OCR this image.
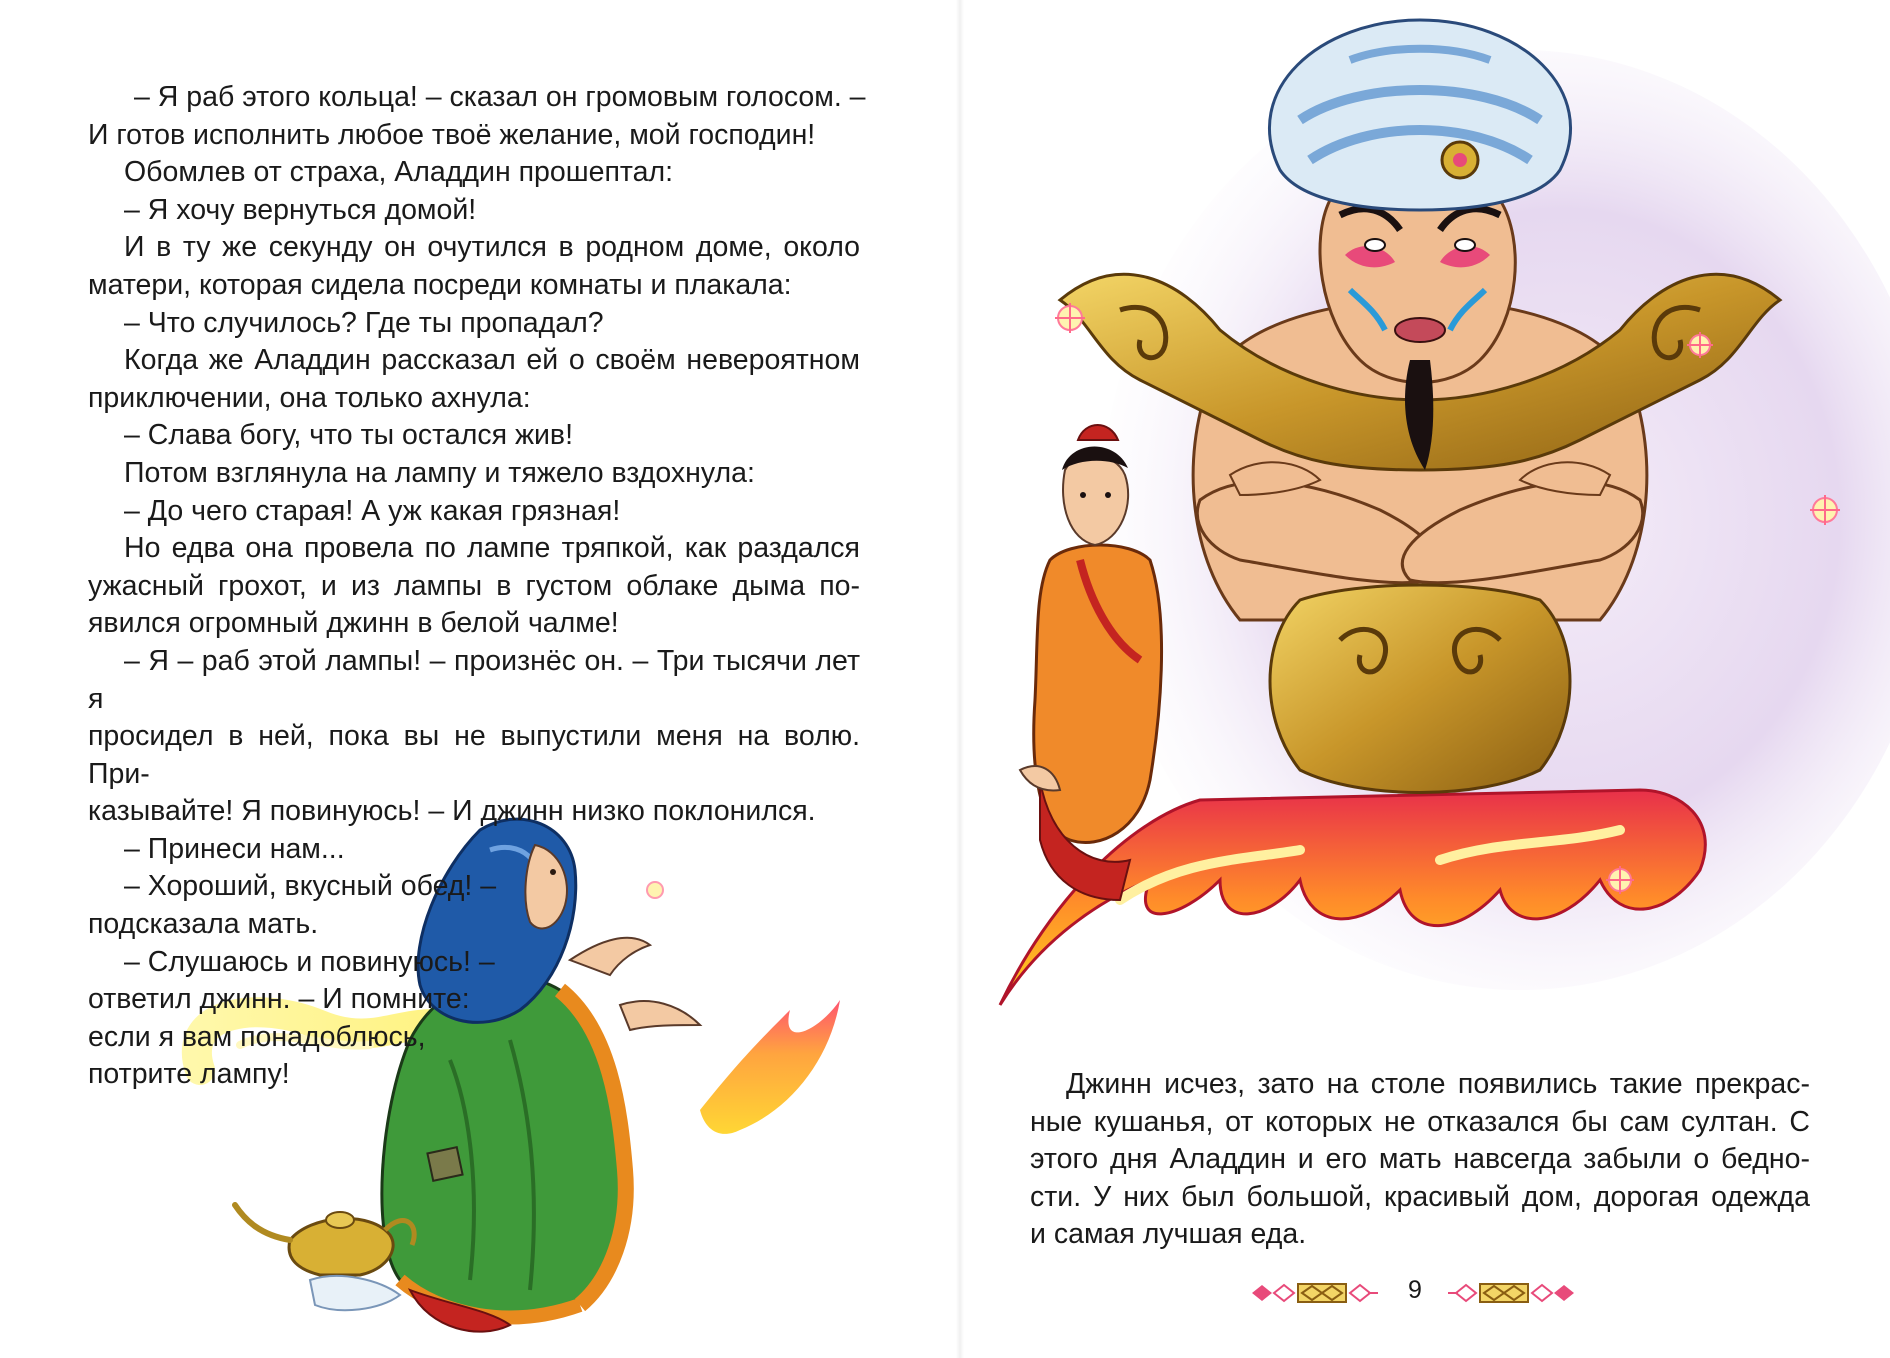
– Я раб этого кольца! – сказал он громовым голосом. –

И готов исполнить любое твоё желание, мой господин!

Обомлев от страха, Аладдин прошептал:

– Я хочу вернуться домой!

И в ту же секунду он очутился в родном доме, около

матери, которая сидела посреди комнаты и плакала:

– Что случилось? Где ты пропадал?

Когда же Аладдин рассказал ей о своём невероятном

приключении, она только ахнула:

– Слава богу, что ты остался жив!

Потом взглянула на лампу и тяжело вздохнула:

– До чего старая! А уж какая грязная!

Но едва она провела по лампе тряпкой, как раздался

ужасный грохот, и из лампы в густом облаке дыма по-

явился огромный джинн в белой чалме!

– Я – раб этой лампы! – произнёс он. – Три тысячи лет я

просидел в ней, пока вы не выпустили меня на волю. При-

казывайте! Я повинуюсь! – И джинн низко поклонился.

– Принеси нам...

– Хороший, вкусный обед! –

подсказала мать.

– Слушаюсь и повинуюсь! –

ответил джинн. – И помните:

если я вам понадоблюсь,

потрите лампу!	Джинн исчез, зато на столе появились такие прекрас-

ные кушанья, от которых не отказался бы сам султан. С

этого дня Аладдин и его мать навсегда забыли о бедно-

сти. У них был большой, красивый дом, дорогая одежда

и самая лучшая еда.

9
